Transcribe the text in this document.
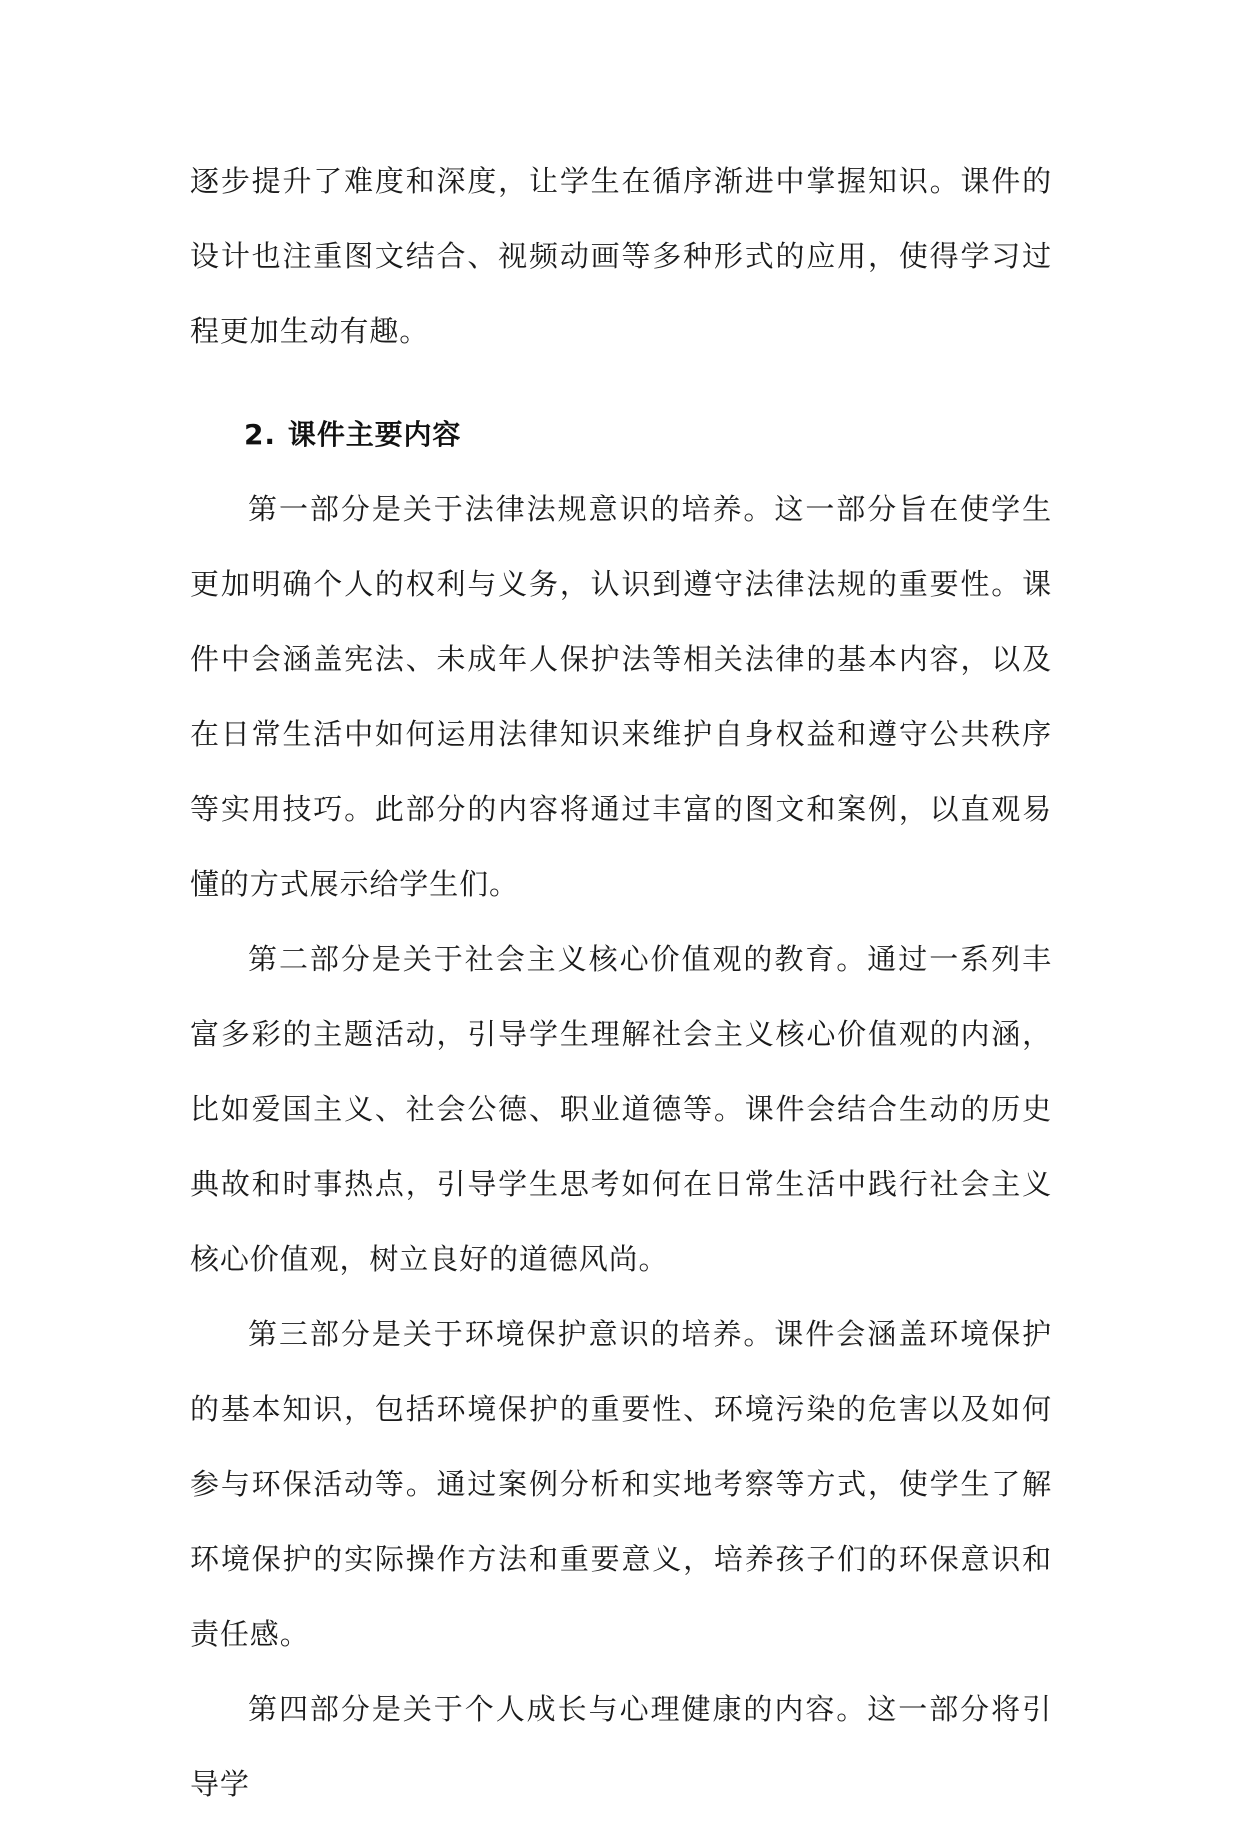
逐步提升了难度和深度，让学生在循序渐进中掌握知识。课件的设计也注重图文结合、视频动画等多种形式的应用，使得学习过程更加生动有趣。

2. 课件主要内容

第一部分是关于法律法规意识的培养。这一部分旨在使学生更加明确个人的权利与义务，认识到遵守法律法规的重要性。课件中会涵盖宪法、未成年人保护法等相关法律的基本内容，以及在日常生活中如何运用法律知识来维护自身权益和遵守公共秩序等实用技巧。此部分的内容将通过丰富的图文和案例，以直观易懂的方式展示给学生们。

第二部分是关于社会主义核心价值观的教育。通过一系列丰富多彩的主题活动，引导学生理解社会主义核心价值观的内涵，比如爱国主义、社会公德、职业道德等。课件会结合生动的历史典故和时事热点，引导学生思考如何在日常生活中践行社会主义核心价值观，树立良好的道德风尚。

第三部分是关于环境保护意识的培养。课件会涵盖环境保护的基本知识，包括环境保护的重要性、环境污染的危害以及如何参与环保活动等。通过案例分析和实地考察等方式，使学生了解环境保护的实际操作方法和重要意义，培养孩子们的环保意识和责任感。

第四部分是关于个人成长与心理健康的内容。这一部分将引导学
